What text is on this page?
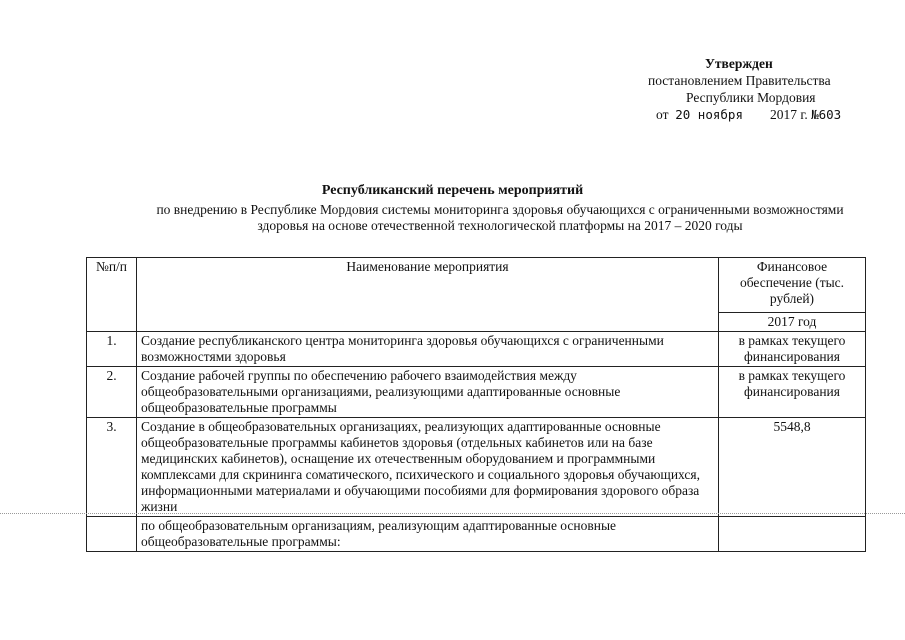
Утвержден
постановлением Правительства
Республики Мордовия
от 20 ноября 2017 г. №603
Республиканский перечень мероприятий
по внедрению в Республике Мордовия системы мониторинга здоровья обучающихся с ограниченными возможностями здоровья на основе отечественной технологической платформы на 2017 – 2020 годы
№п/п	Наименование мероприятия	Финансовое обеспечение (тыс. рублей)
		2017 год
1.	Создание республиканского центра мониторинга здоровья обучающихся с ограниченными возможностями здоровья	в рамках текущего финансирования
2.	Создание рабочей группы по обеспечению рабочего взаимодействия между общеобразовательными организациями, реализующими адаптированные основные общеобразовательные программы	в рамках текущего финансирования
3.	Создание в общеобразовательных организациях, реализующих адаптированные основные общеобразовательные программы кабинетов здоровья (отдельных кабинетов или на базе медицинских кабинетов), оснащение их отечественным оборудованием и программными комплексами для скрининга соматического, психического и социального здоровья обучающихся, информационными материалами и обучающими пособиями для формирования здорового образа жизни	5548,8
	по общеобразовательным организациям, реализующим адаптированные основные общеобразовательные программы:	
